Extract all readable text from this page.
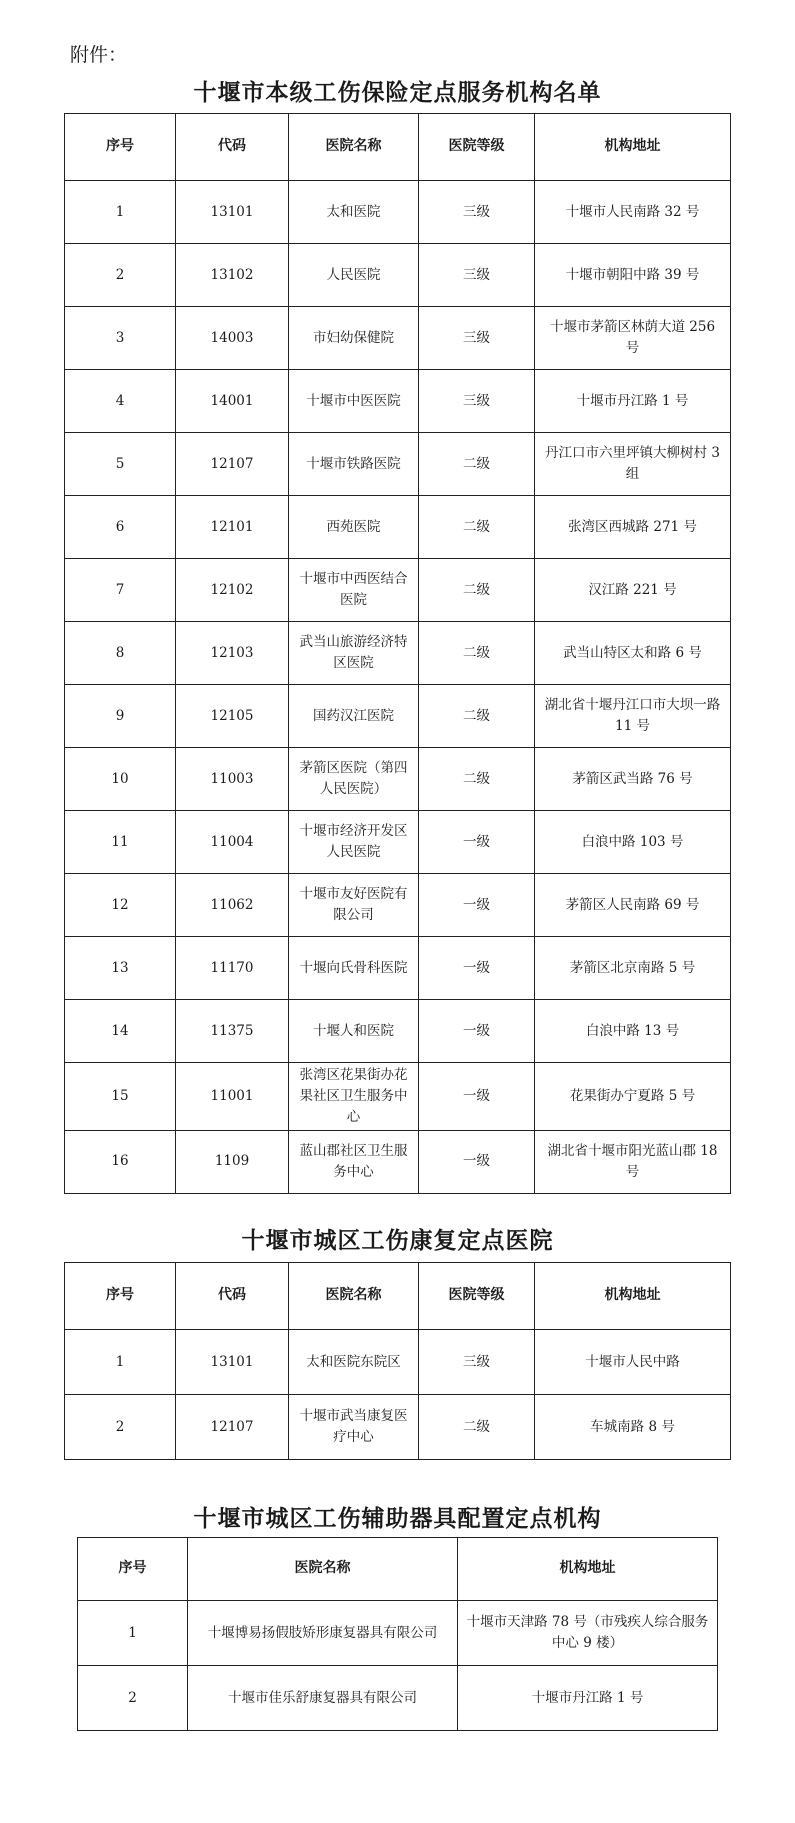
附件：
十堰市本级工伤保险定点服务机构名单
序号	代码	医院名称	医院等级	机构地址
1	13101	太和医院	三级	十堰市人民南路 32 号
2	13102	人民医院	三级	十堰市朝阳中路 39 号
3	14003	市妇幼保健院	三级	十堰市茅箭区林荫大道 256 号
4	14001	十堰市中医医院	三级	十堰市丹江路 1 号
5	12107	十堰市铁路医院	二级	丹江口市六里坪镇大柳树村 3 组
6	12101	西苑医院	二级	张湾区西城路 271 号
7	12102	十堰市中西医结合医院	二级	汉江路 221 号
8	12103	武当山旅游经济特区医院	二级	武当山特区太和路 6 号
9	12105	国药汉江医院	二级	湖北省十堰丹江口市大坝一路 11 号
10	11003	茅箭区医院（第四人民医院）	二级	茅箭区武当路 76 号
11	11004	十堰市经济开发区人民医院	一级	白浪中路 103 号
12	11062	十堰市友好医院有限公司	一级	茅箭区人民南路 69 号
13	11170	十堰向氏骨科医院	一级	茅箭区北京南路 5 号
14	11375	十堰人和医院	一级	白浪中路 13 号
15	11001	张湾区花果街办花果社区卫生服务中心	一级	花果街办宁夏路 5 号
16	1109	蓝山郡社区卫生服务中心	一级	湖北省十堰市阳光蓝山郡 18 号
十堰市城区工伤康复定点医院
序号	代码	医院名称	医院等级	机构地址
1	13101	太和医院东院区	三级	十堰市人民中路
2	12107	十堰市武当康复医疗中心	二级	车城南路 8 号
十堰市城区工伤辅助器具配置定点机构
序号	医院名称	机构地址
1	十堰博易扬假肢矫形康复器具有限公司	十堰市天津路 78 号（市残疾人综合服务中心 9 楼）
2	十堰市佳乐舒康复器具有限公司	十堰市丹江路 1 号
